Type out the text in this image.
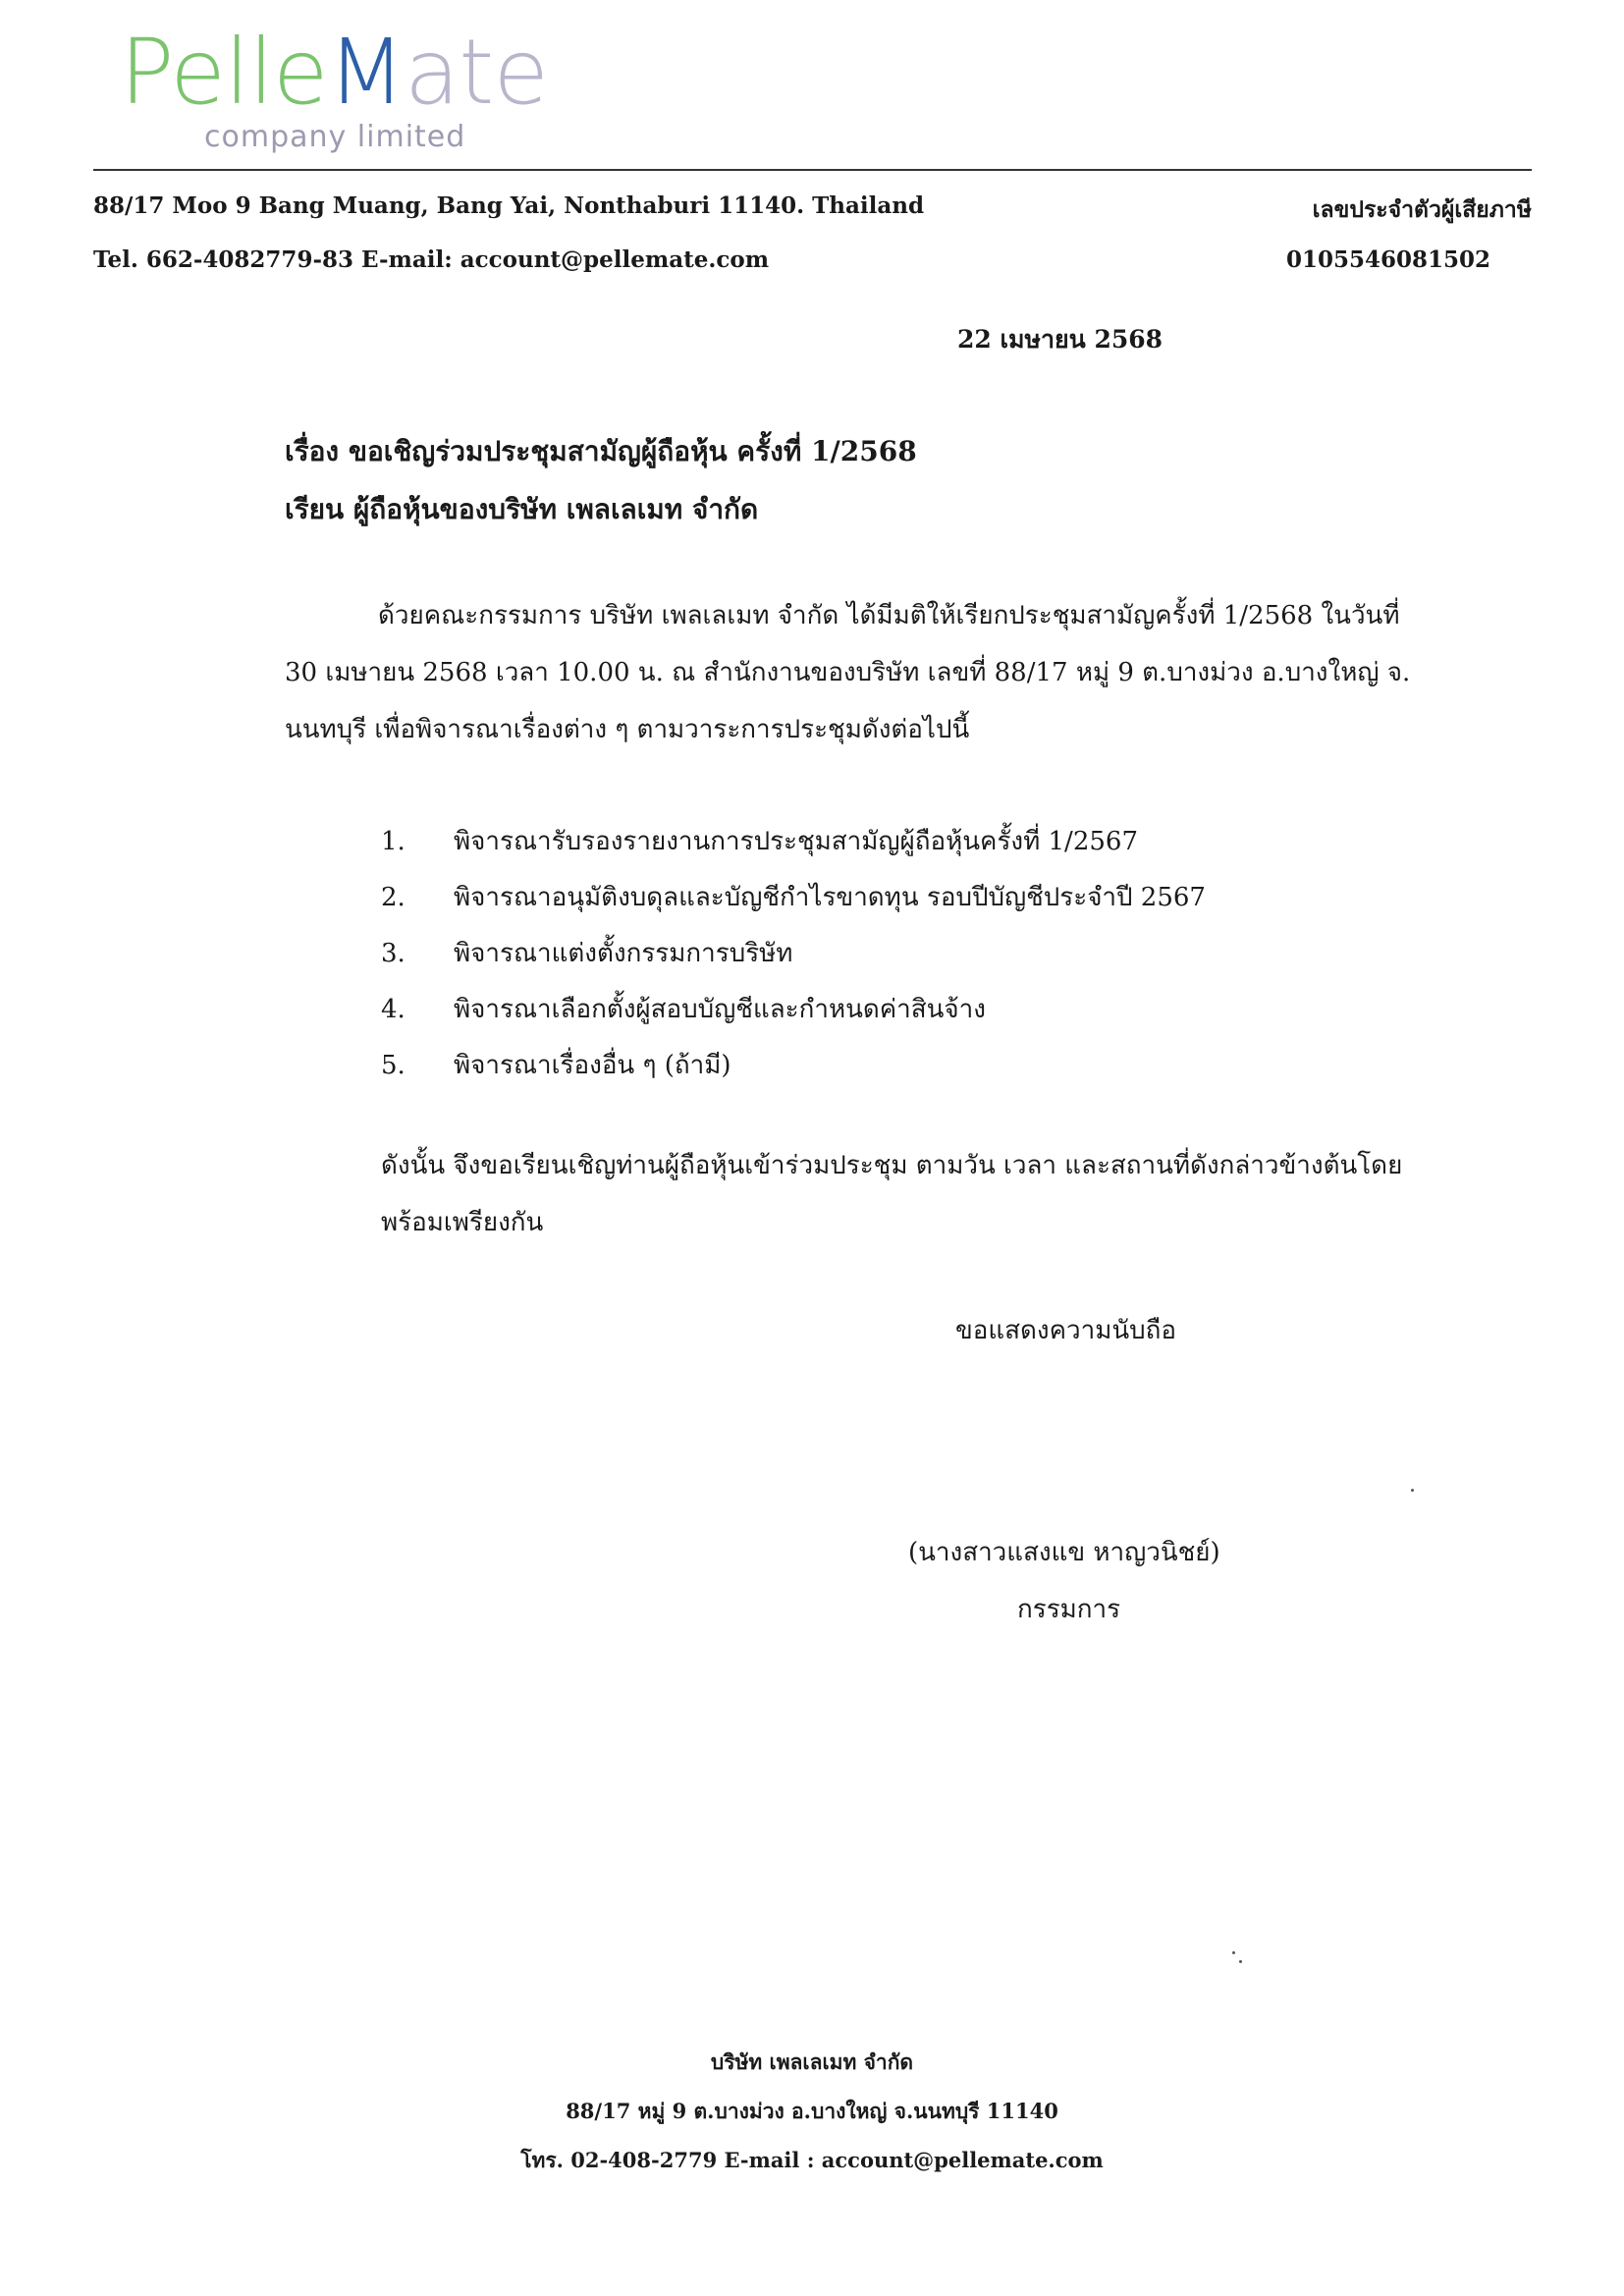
PelleMate
company limited
88/17 Moo 9 Bang Muang, Bang Yai, Nonthaburi 11140. Thailand
Tel. 662-4082779-83 E-mail: account@pellemate.com
เลขประจำตัวผู้เสียภาษี
0105546081502
22 เมษายน 2568
เรื่อง ขอเชิญร่วมประชุมสามัญผู้ถือหุ้น ครั้งที่ 1/2568
เรียน ผู้ถือหุ้นของบริษัท เพลเลเมท จำกัด
ด้วยคณะกรรมการ บริษัท เพลเลเมท จำกัด ได้มีมติให้เรียกประชุมสามัญครั้งที่ 1/2568 ในวันที่
30 เมษายน 2568 เวลา 10.00 น. ณ สำนักงานของบริษัท เลขที่ 88/17 หมู่ 9 ต.บางม่วง อ.บางใหญ่ จ.
นนทบุรี เพื่อพิจารณาเรื่องต่าง ๆ ตามวาระการประชุมดังต่อไปนี้
1. พิจารณารับรองรายงานการประชุมสามัญผู้ถือหุ้นครั้งที่ 1/2567
2. พิจารณาอนุมัติงบดุลและบัญชีกำไรขาดทุน รอบปีบัญชีประจำปี 2567
3. พิจารณาแต่งตั้งกรรมการบริษัท
4. พิจารณาเลือกตั้งผู้สอบบัญชีและกำหนดค่าสินจ้าง
5. พิจารณาเรื่องอื่น ๆ (ถ้ามี)
ดังนั้น จึงขอเรียนเชิญท่านผู้ถือหุ้นเข้าร่วมประชุม ตามวัน เวลา และสถานที่ดังกล่าวข้างต้นโดย
พร้อมเพรียงกัน
ขอแสดงความนับถือ
(นางสาวแสงแข หาญวนิชย์)
กรรมการ
บริษัท เพลเลเมท จำกัด
88/17 หมู่ 9 ต.บางม่วง อ.บางใหญ่ จ.นนทบุรี 11140
โทร. 02-408-2779 E-mail : account@pellemate.com
